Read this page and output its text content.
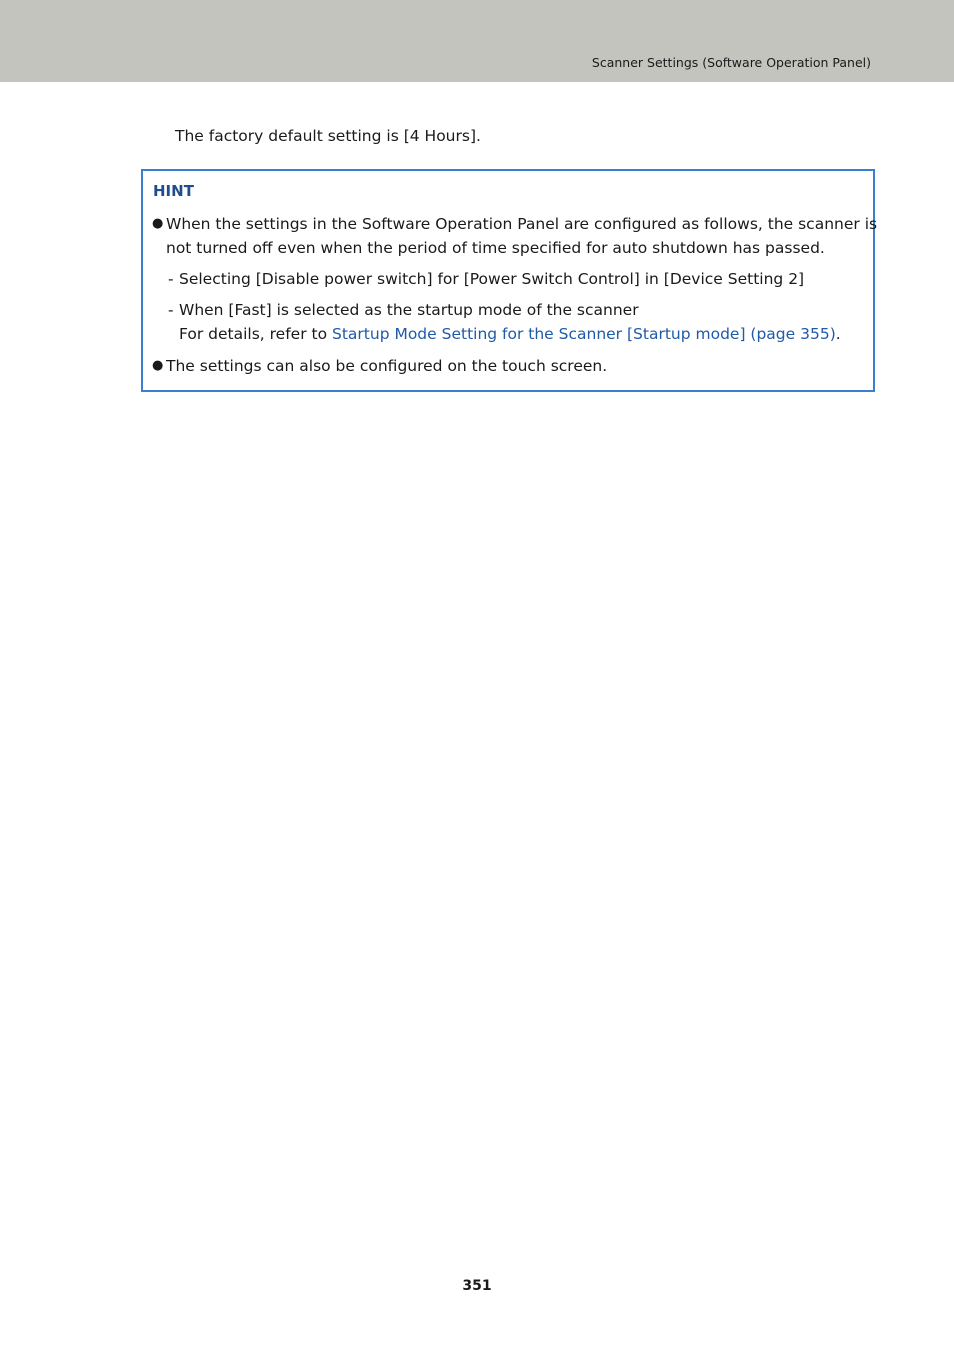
Scanner Settings (Software Operation Panel)
The factory default setting is [4 Hours].
HINT
● When the settings in the Software Operation Panel are configured as follows, the scanner is
not turned off even when the period of time specified for auto shutdown has passed.
- Selecting [Disable power switch] for [Power Switch Control] in [Device Setting 2]
- When [Fast] is selected as the startup mode of the scanner
For details, refer to Startup Mode Setting for the Scanner [Startup mode] (page 355).
● The settings can also be configured on the touch screen.
351
